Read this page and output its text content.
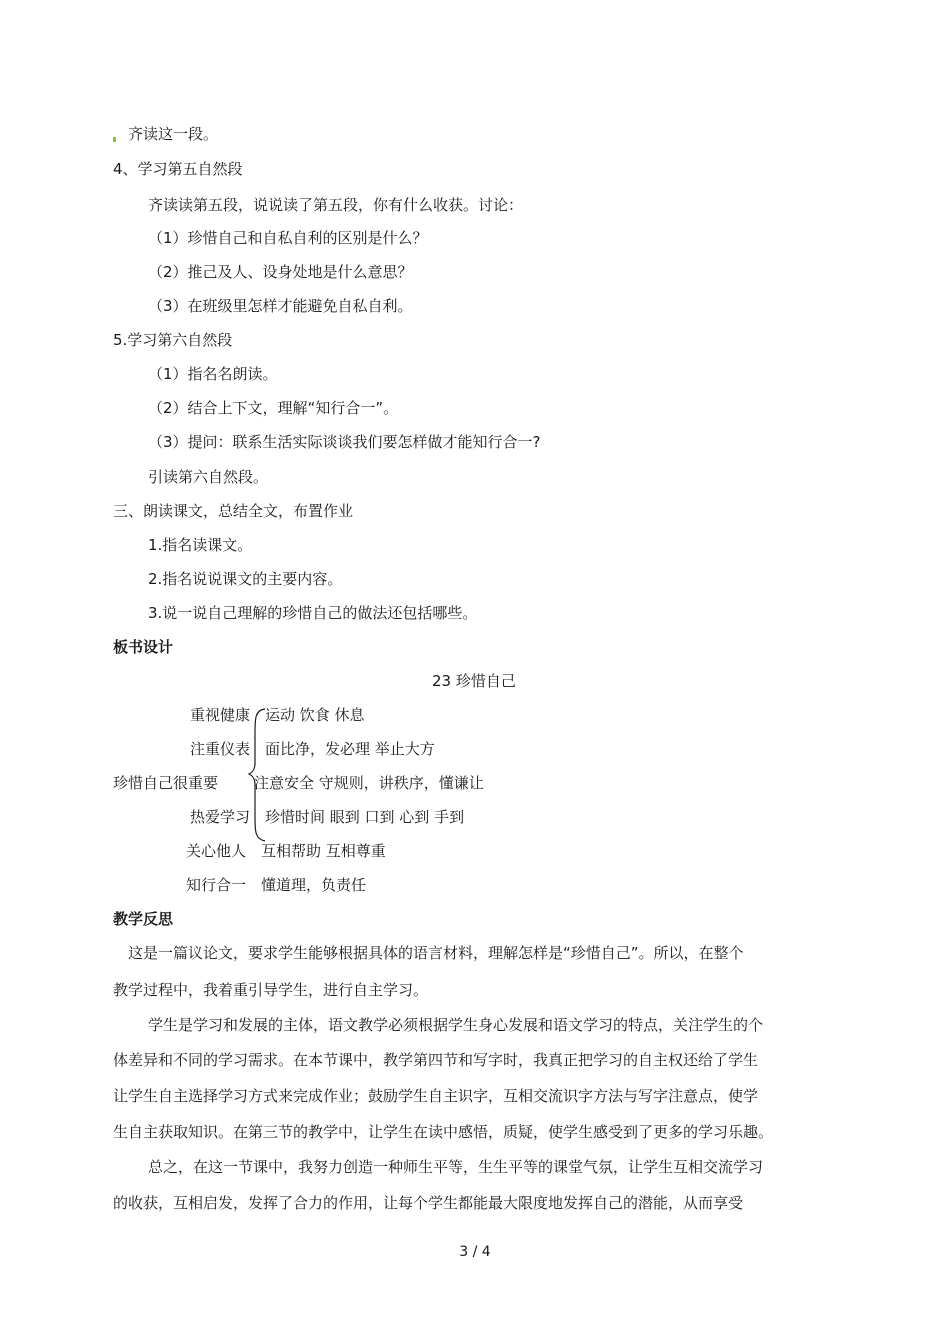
齐读这一段。
4、学习第五自然段
齐读读第五段，说说读了第五段，你有什么收获。讨论：
（1）珍惜自己和自私自利的区别是什么？
（2）推己及人、设身处地是什么意思？
（3）在班级里怎样才能避免自私自利。
5.学习第六自然段
（1）指名名朗读。
（2）结合上下文，理解“知行合一”。
（3）提问：联系生活实际谈谈我们要怎样做才能知行合一?
引读第六自然段。
三、朗读课文，总结全文，布置作业
1.指名读课文。
2.指名说说课文的主要内容。
3.说一说自己理解的珍惜自己的做法还包括哪些。
板书设计
23 珍惜自己
珍惜自己很重要
重视健康 运动 饮食 休息
注重仪表 面比净，发必理 举止大方
注意安全 守规则，讲秩序，懂谦让
热爱学习 珍惜时间 眼到 口到 心到 手到
关心他人 互相帮助 互相尊重
知行合一 懂道理，负责任
教学反思
这是一篇议论文，要求学生能够根据具体的语言材料，理解怎样是“珍惜自己”。所以，在整个
教学过程中，我着重引导学生，进行自主学习。
学生是学习和发展的主体，语文教学必须根据学生身心发展和语文学习的特点，关注学生的个
体差异和不同的学习需求。在本节课中，教学第四节和写字时，我真正把学习的自主权还给了学生
让学生自主选择学习方式来完成作业；鼓励学生自主识字，互相交流识字方法与写字注意点，使学
生自主获取知识。在第三节的教学中，让学生在读中感悟，质疑，使学生感受到了更多的学习乐趣。
总之，在这一节课中，我努力创造一种师生平等，生生平等的课堂气氛，让学生互相交流学习
的收获，互相启发，发挥了合力的作用，让每个学生都能最大限度地发挥自己的潜能，从而享受
3 / 4
